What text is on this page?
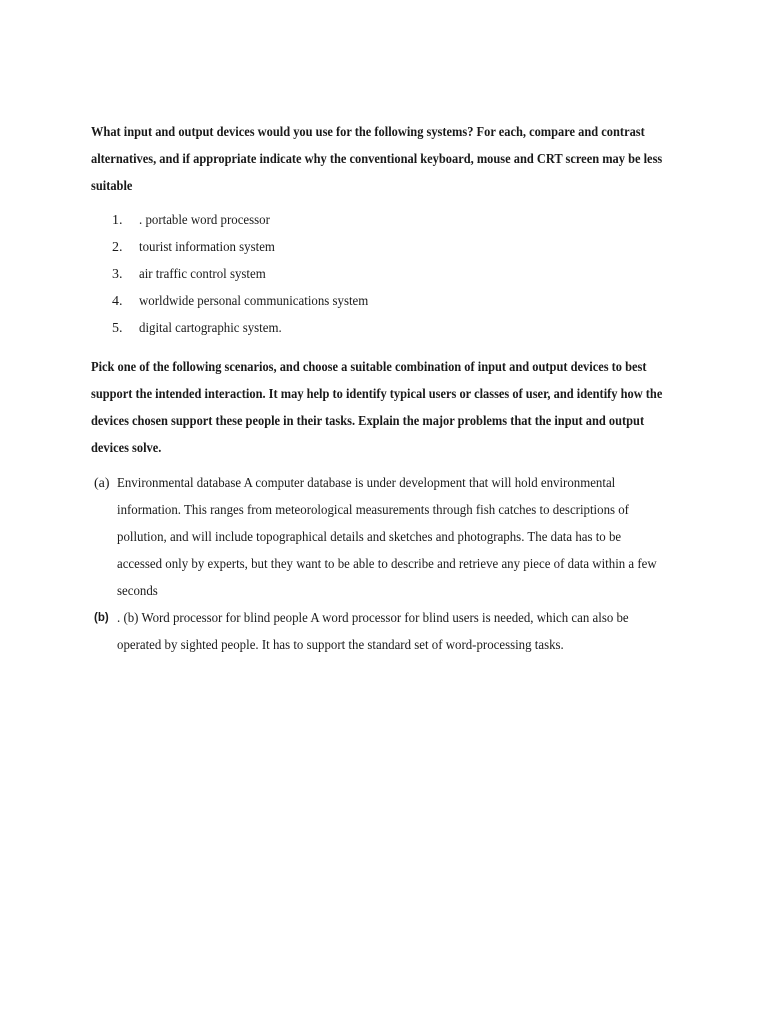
What input and output devices would you use for the following systems? For each, compare and contrast alternatives, and if appropriate indicate why the conventional keyboard, mouse and CRT screen may be less suitable

1. . portable word processor
2. tourist information system
3. air traffic control system
4. worldwide personal communications system
5. digital cartographic system.

Pick one of the following scenarios, and choose a suitable combination of input and output devices to best support the intended interaction. It may help to identify typical users or classes of user, and identify how the devices chosen support these people in their tasks. Explain the major problems that the input and output devices solve.

(a) Environmental database A computer database is under development that will hold environmental information. This ranges from meteorological measurements through fish catches to descriptions of pollution, and will include topographical details and sketches and photographs. The data has to be accessed only by experts, but they want to be able to describe and retrieve any piece of data within a few seconds
(b) . (b) Word processor for blind people A word processor for blind users is needed, which can also be operated by sighted people. It has to support the standard set of word-processing tasks.
